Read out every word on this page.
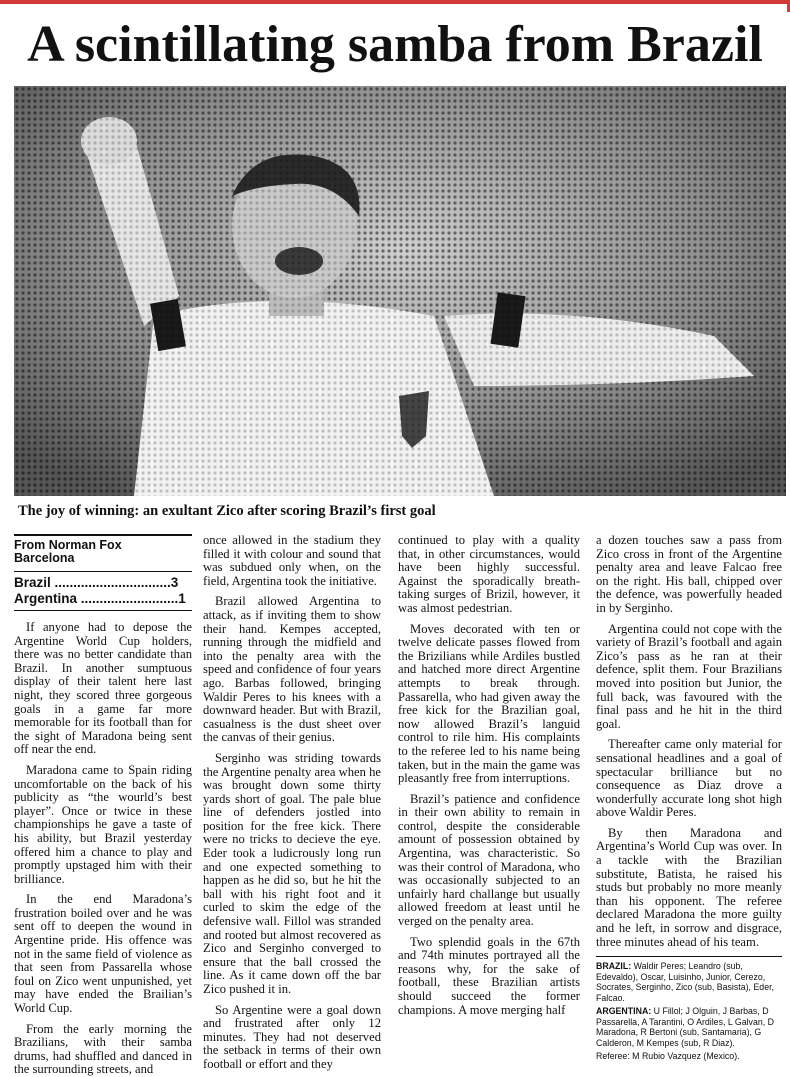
A scintillating samba from Brazil
The joy of winning: an exultant Zico after scoring Brazil’s first goal
From Norman Fox
Barcelona
Brazil ...............................3
Argentina ..........................1

If anyone had to depose the Argentine World Cup holders, there was no better candidate than Brazil. In another sumptuous display of their talent here last night, they scored three gorgeous goals in a game far more memorable for its football than for the sight of Maradona being sent off near the end.

Maradona came to Spain riding uncomfortable on the back of his publicity as “the wourld’s best player”. Once or twice in these championships he gave a taste of his ability, but Brazil yesterday offered him a chance to play and promptly upstaged him with their brilliance.

In the end Maradona’s frustration boiled over and he was sent off to deepen the wound in Argentine pride. His offence was not in the same field of violence as that seen from Passarella whose foul on Zico went unpunished, yet may have ended the Brailian’s World Cup.

From the early morning the Brazilians, with their samba drums, had shuffled and danced in the surrounding streets, and

once allowed in the stadium they filled it with colour and sound that was subdued only when, on the field, Argentina took the initiative.

Brazil allowed Argentina to attack, as if inviting them to show their hand. Kempes accepted, running through the midfield and into the penalty area with the speed and confidence of four years ago. Barbas followed, bringing Waldir Peres to his knees with a downward header. But with Brazil, casualness is the dust sheet over the canvas of their genius.

Serginho was striding towards the Argentine penalty area when he was brought down some thirty yards short of goal. The pale blue line of defenders jostled into position for the free kick. There were no tricks to decieve the eye. Eder took a ludicrously long run and one expected something to happen as he did so, but he hit the ball with his right foot and it curled to skim the edge of the defensive wall. Fillol was stranded and rooted but almost recovered as Zico and Serginho converged to ensure that the ball crossed the line. As it came down off the bar Zico pushed it in.

So Argentine were a goal down and frustrated after only 12 minutes. They had not deserved the setback in terms of their own football or effort and they

continued to play with a quality that, in other circumstances, would have been highly successful. Against the sporadically breath-taking surges of Brizil, however, it was almost pedestrian.

Moves decorated with ten or twelve delicate passes flowed from the Brizilians while Ardiles bustled and hatched more direct Argentine attempts to break through. Passarella, who had given away the free kick for the Brazilian goal, now allowed Brazil’s languid control to rile him. His complaints to the referee led to his name being taken, but in the main the game was pleasantly free from interruptions.

Brazil’s patience and confidence in their own ability to remain in control, despite the considerable amount of possession obtained by Argentina, was characteristic. So was their control of Maradona, who was occasionally subjected to an unfairly hard challange but usually allowed freedom at least until he verged on the penalty area.

Two splendid goals in the 67th and 74th minutes portrayed all the reasons why, for the sake of football, these Brazilian artists should succeed the former champions. A move merging half

a dozen touches saw a pass from Zico cross in front of the Argentine penalty area and leave Falcao free on the right. His ball, chipped over the defence, was powerfully headed in by Serginho.

Argentina could not cope with the variety of Brazil’s football and again Zico’s pass as he ran at their defence, split them. Four Brazilians moved into position but Junior, the full back, was favoured with the final pass and he hit in the third goal.

Thereafter came only material for sensational headlines and a goal of spectacular brilliance but no consequence as Diaz drove a wonderfully accurate long shot high above Waldir Peres.

By then Maradona and Argentina’s World Cup was over. In a tackle with the Brazilian substitute, Batista, he raised his studs but probably no more meanly than his opponent. The referee declared Maradona the more guilty and he left, in sorrow and disgrace, three minutes ahead of his team.

BRAZIL: Waldir Peres; Leandro (sub, Edevaldo), Oscar, Luisinho, Junior, Cerezo, Socrates, Serginho, Zico (sub, Basista), Eder, Falcao.
ARGENTINA: U Fillol; J Olguin, J Barbas, D Passarella, A Tarantini, O Ardiles, L Galvan, D Maradona, R Bertoni (sub, Santamaria), G Calderon, M Kempes (sub, R Diaz).
Referee: M Rubio Vazquez (Mexico).
